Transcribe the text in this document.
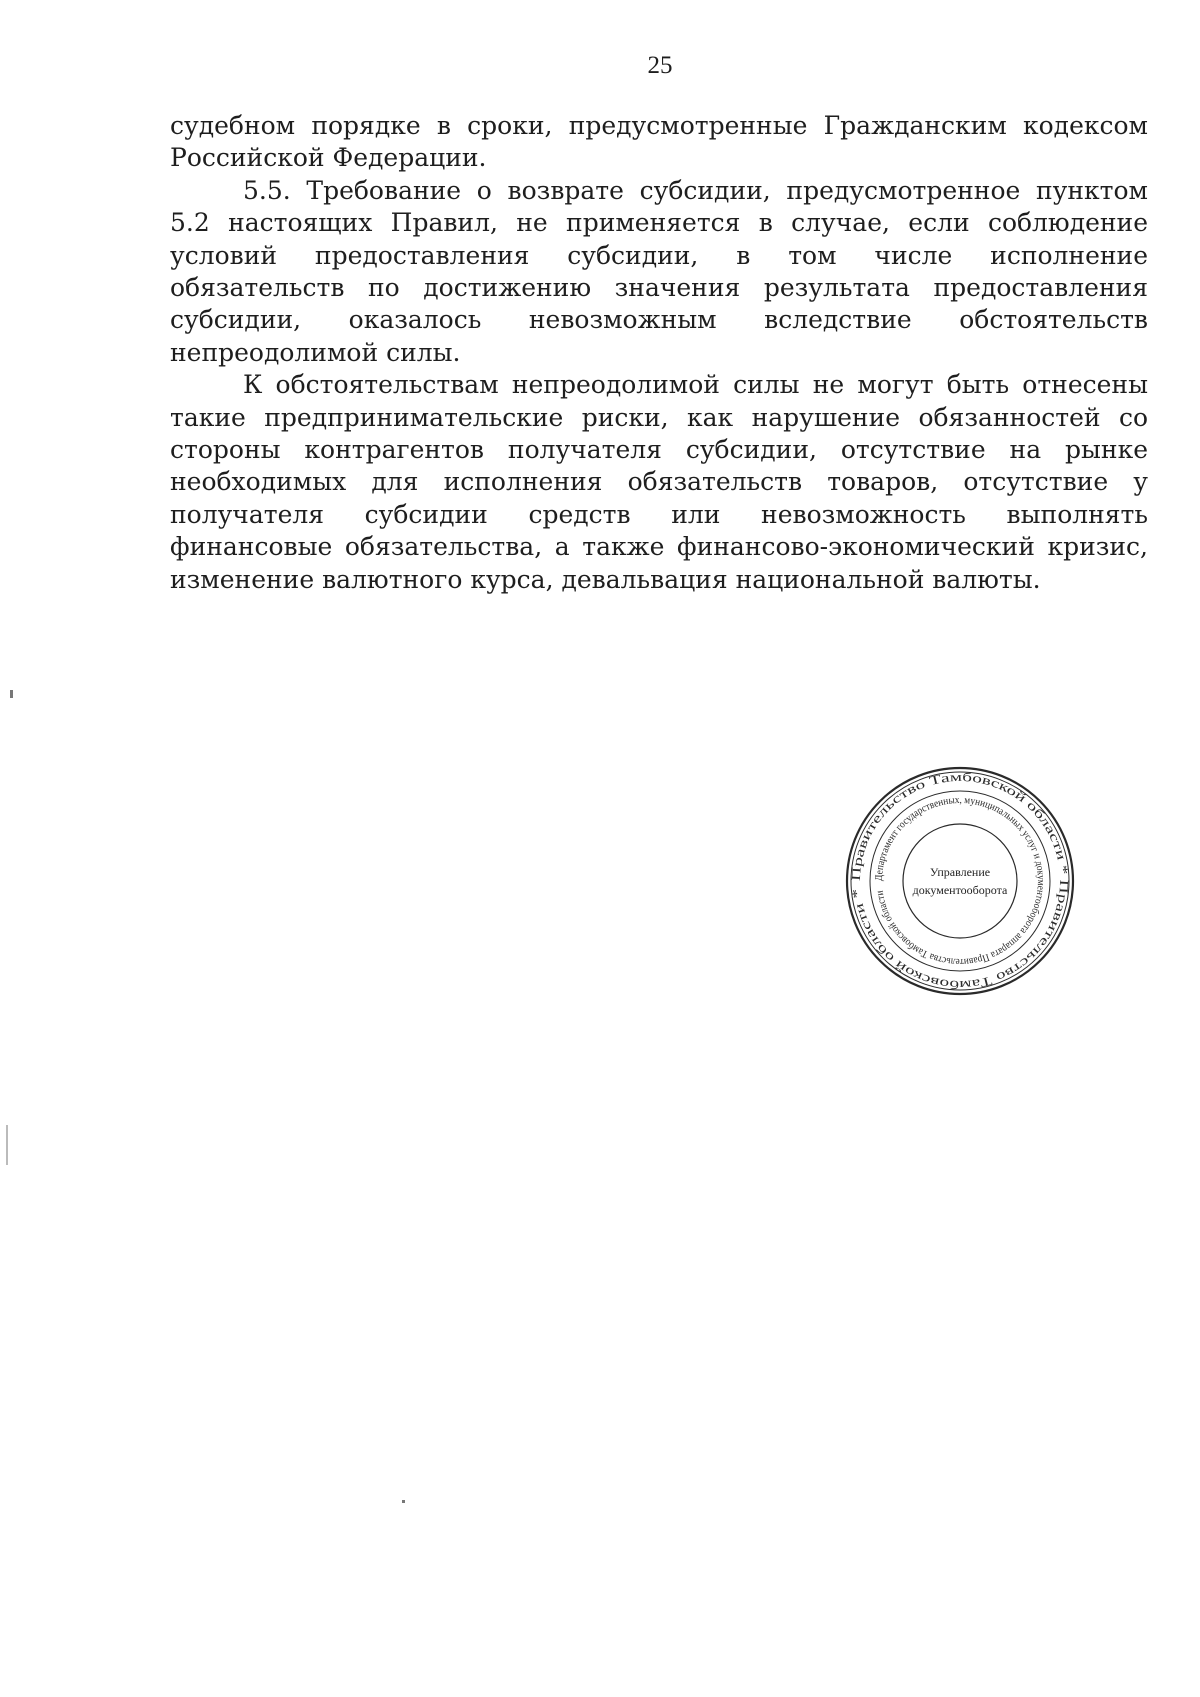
25

судебном порядке в сроки, предусмотренные Гражданским кодексом Российской Федерации.

5.5. Требование о возврате субсидии, предусмотренное пунктом 5.2 настоящих Правил, не применяется в случае, если соблюдение условий предоставления субсидии, в том числе исполнение обязательств по достижению значения результата предоставления субсидии, оказалось невозможным вследствие обстоятельств непреодолимой силы.

К обстоятельствам непреодолимой силы не могут быть отнесены такие предпринимательские риски, как нарушение обязанностей со стороны контрагентов получателя субсидии, отсутствие на рынке необходимых для исполнения обязательств товаров, отсутствие у получателя субсидии средств или невозможность выполнять финансовые обязательства, а также финансово-экономический кризис, изменение валютного курса, девальвация национальной валюты.

Правительство Тамбовской области * Правительство Тамбовской области *
Департамент государственных, муниципальных услуг и документооборота аппарата Правительства Тамбовской области
Управление
документооборота
